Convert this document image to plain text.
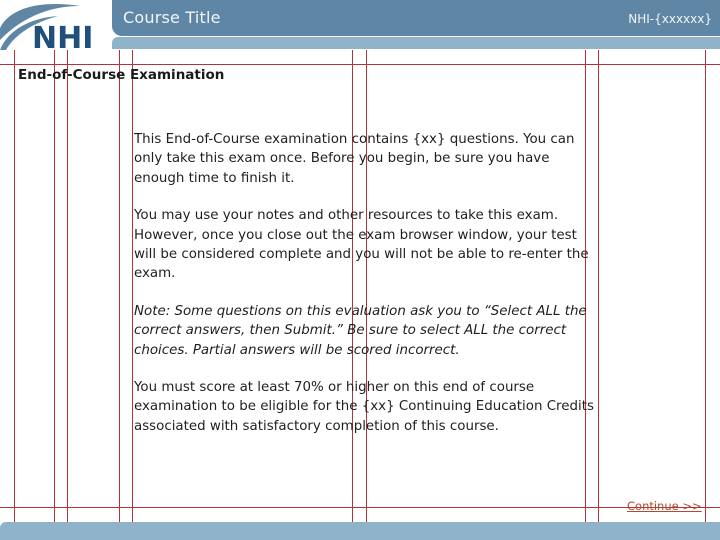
NHI
Course Title	NHI-{xxxxxx}
End-of-Course Examination

This End-of-Course examination contains {xx} questions. You can only take this exam once. Before you begin, be sure you have enough time to finish it.

You may use your notes and other resources to take this exam. However, once you close out the exam browser window, your test will be considered complete and you will not be able to re-enter the exam.

Note: Some questions on this evaluation ask you to “Select ALL the correct answers, then Submit.” Be sure to select ALL the correct choices. Partial answers will be scored incorrect.

You must score at least 70% or higher on this end of course examination to be eligible for the {xx} Continuing Education Credits associated with satisfactory completion of this course.

Continue >>
